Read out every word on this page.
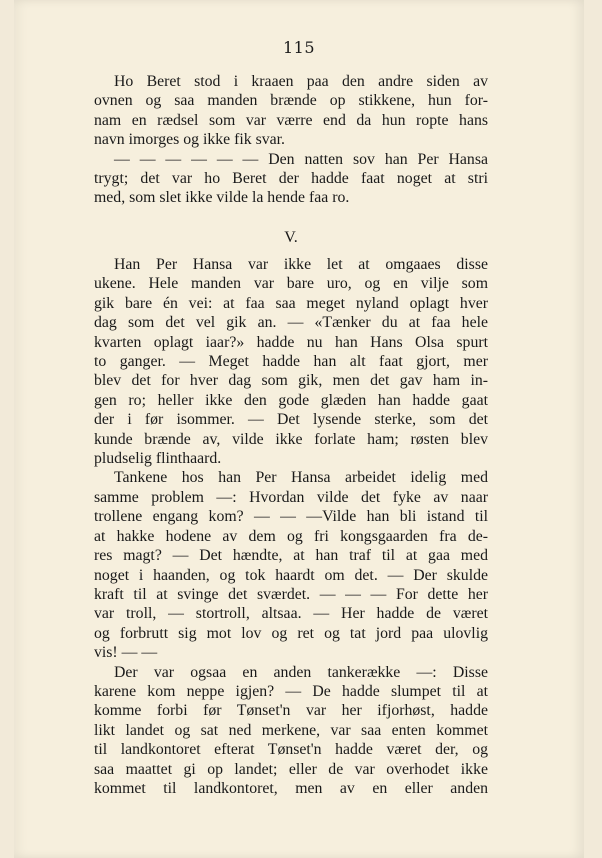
115
Ho Beret stod i kraaen paa den andre siden av
ovnen og saa manden brænde op stikkene, hun for-
nam en rædsel som var værre end da hun ropte hans
navn imorges og ikke fik svar.
— — — — — — Den natten sov han Per Hansa
trygt; det var ho Beret der hadde faat noget at stri
med, som slet ikke vilde la hende faa ro.
V.
Han Per Hansa var ikke let at omgaaes disse
ukene. Hele manden var bare uro, og en vilje som
gik bare én vei: at faa saa meget nyland oplagt hver
dag som det vel gik an. — «Tænker du at faa hele
kvarten oplagt iaar?» hadde nu han Hans Olsa spurt
to ganger. — Meget hadde han alt faat gjort, mer
blev det for hver dag som gik, men det gav ham in-
gen ro; heller ikke den gode glæden han hadde gaat
der i før isommer. — Det lysende sterke, som det
kunde brænde av, vilde ikke forlate ham; røsten blev
pludselig flinthaard.
Tankene hos han Per Hansa arbeidet idelig med
samme problem —: Hvordan vilde det fyke av naar
trollene engang kom? — — —Vilde han bli istand til
at hakke hodene av dem og fri kongsgaarden fra de-
res magt? — Det hændte, at han traf til at gaa med
noget i haanden, og tok haardt om det. — Der skulde
kraft til at svinge det sværdet. — — — For dette her
var troll, — stortroll, altsaa. — Her hadde de været
og forbrutt sig mot lov og ret og tat jord paa ulovlig
vis! — —
Der var ogsaa en anden tankerække —: Disse
karene kom neppe igjen? — De hadde slumpet til at
komme forbi før Tønset'n var her ifjorhøst, hadde
likt landet og sat ned merkene, var saa enten kommet
til landkontoret efterat Tønset'n hadde været der, og
saa maattet gi op landet; eller de var overhodet ikke
kommet til landkontoret, men av en eller anden
